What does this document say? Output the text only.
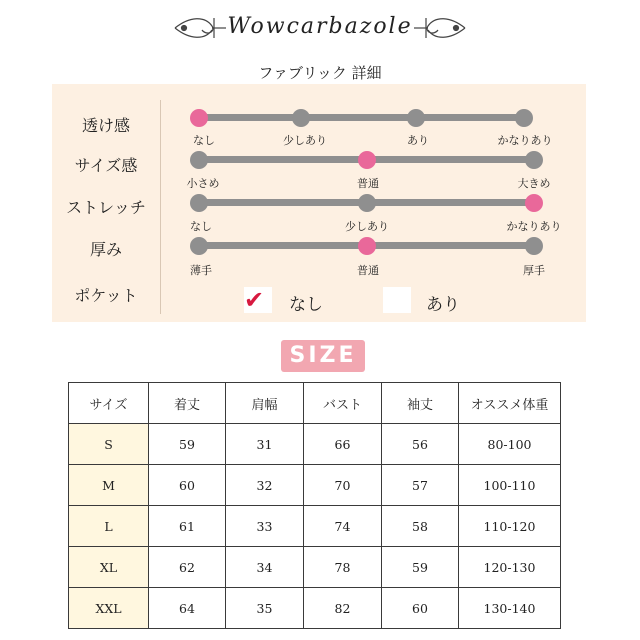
Wowcarbazole
ファブリック 詳細
透け感
なし	少しあり	あり	かなりあり
サイズ感
小さめ	普通	大きめ
ストレッチ
なし	少しあり	かなりあり
厚み
薄手	普通	厚手
ポケット	✔	なし	あり
SIZE
サイズ	着丈	肩幅	バスト	袖丈	オススメ体重
S	59	31	66	56	80-100
M	60	32	70	57	100-110
L	61	33	74	58	110-120
XL	62	34	78	59	120-130
XXL	64	35	82	60	130-140
